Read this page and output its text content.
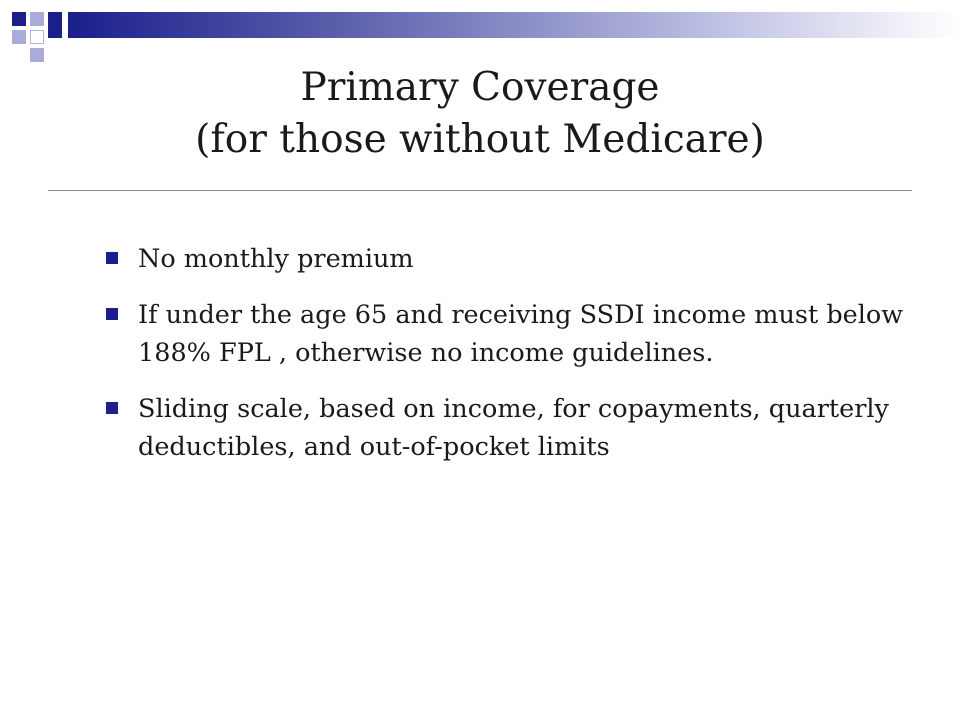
Primary Coverage
(for those without Medicare)
No monthly premium
If under the age 65 and receiving SSDI income must below 188% FPL , otherwise no income guidelines.
Sliding scale, based on income, for copayments, quarterly deductibles, and out-of-pocket limits
